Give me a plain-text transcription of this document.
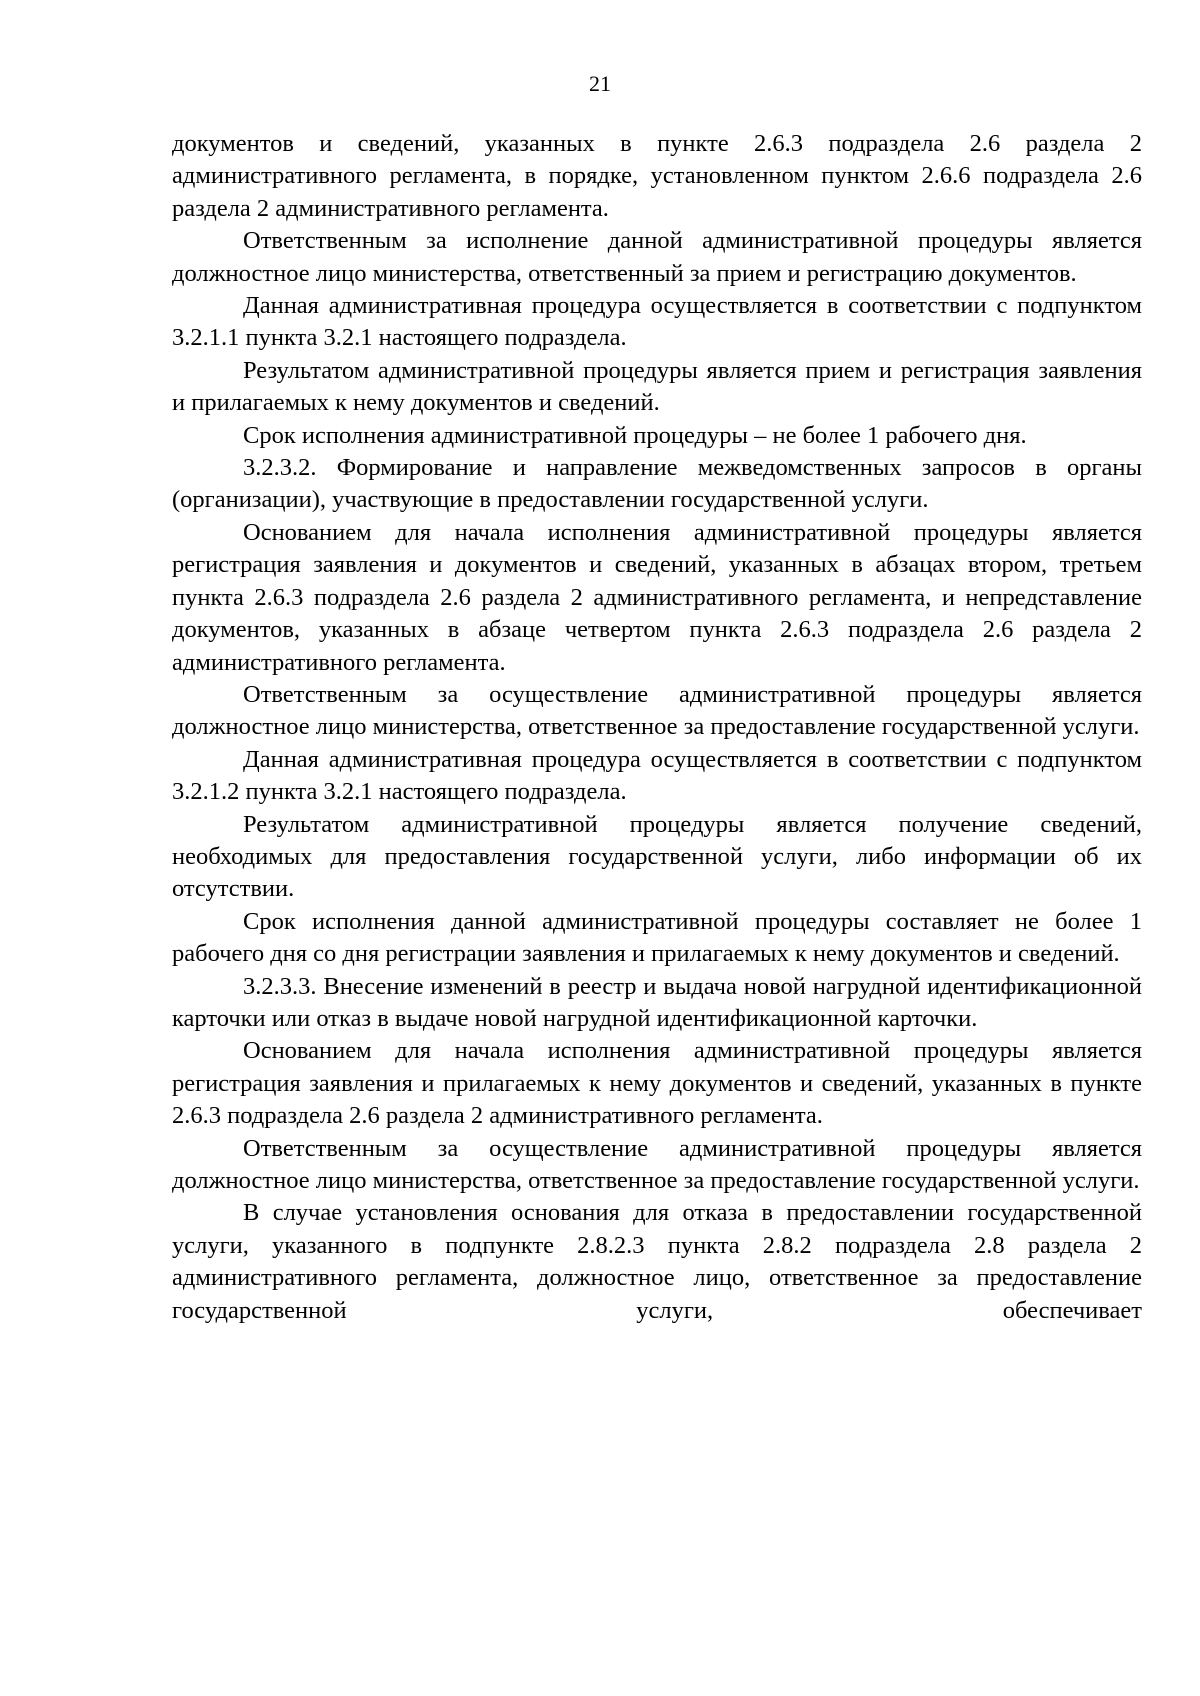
21

документов и сведений, указанных в пункте 2.6.3 подраздела 2.6 раздела 2 административного регламента, в порядке, установленном пунктом 2.6.6 подраздела 2.6 раздела 2 административного регламента.

Ответственным за исполнение данной административной процедуры является должностное лицо министерства, ответственный за прием и регистрацию документов.

Данная административная процедура осуществляется в соответствии с подпунктом 3.2.1.1 пункта 3.2.1 настоящего подраздела.

Результатом административной процедуры является прием и регистрация заявления и прилагаемых к нему документов и сведений.

Срок исполнения административной процедуры – не более 1 рабочего дня.

3.2.3.2. Формирование и направление межведомственных запросов в органы (организации), участвующие в предоставлении государственной услуги.

Основанием для начала исполнения административной процедуры является регистрация заявления и документов и сведений, указанных в абзацах втором, третьем пункта 2.6.3 подраздела 2.6 раздела 2 административного регламента, и непредставление документов, указанных в абзаце четвертом пункта 2.6.3 подраздела 2.6 раздела 2 административного регламента.

Ответственным за осуществление административной процедуры является должностное лицо министерства, ответственное за предоставление государственной услуги.

Данная административная процедура осуществляется в соответствии с подпунктом 3.2.1.2 пункта 3.2.1 настоящего подраздела.

Результатом административной процедуры является получение сведений, необходимых для предоставления государственной услуги, либо информации об их отсутствии.

Срок исполнения данной административной процедуры составляет не более 1 рабочего дня со дня регистрации заявления и прилагаемых к нему документов и сведений.

3.2.3.3. Внесение изменений в реестр и выдача новой нагрудной идентификационной карточки или отказ в выдаче новой нагрудной идентификационной карточки.

Основанием для начала исполнения административной процедуры является регистрация заявления и прилагаемых к нему документов и сведений, указанных в пункте 2.6.3 подраздела 2.6 раздела 2 административного регламента.

Ответственным за осуществление административной процедуры является должностное лицо министерства, ответственное за предоставление государственной услуги.

В случае установления основания для отказа в предоставлении государственной услуги, указанного в подпункте 2.8.2.3 пункта 2.8.2 подраздела 2.8 раздела 2 административного регламента, должностное лицо, ответственное за предоставление государственной услуги, обеспечивает
